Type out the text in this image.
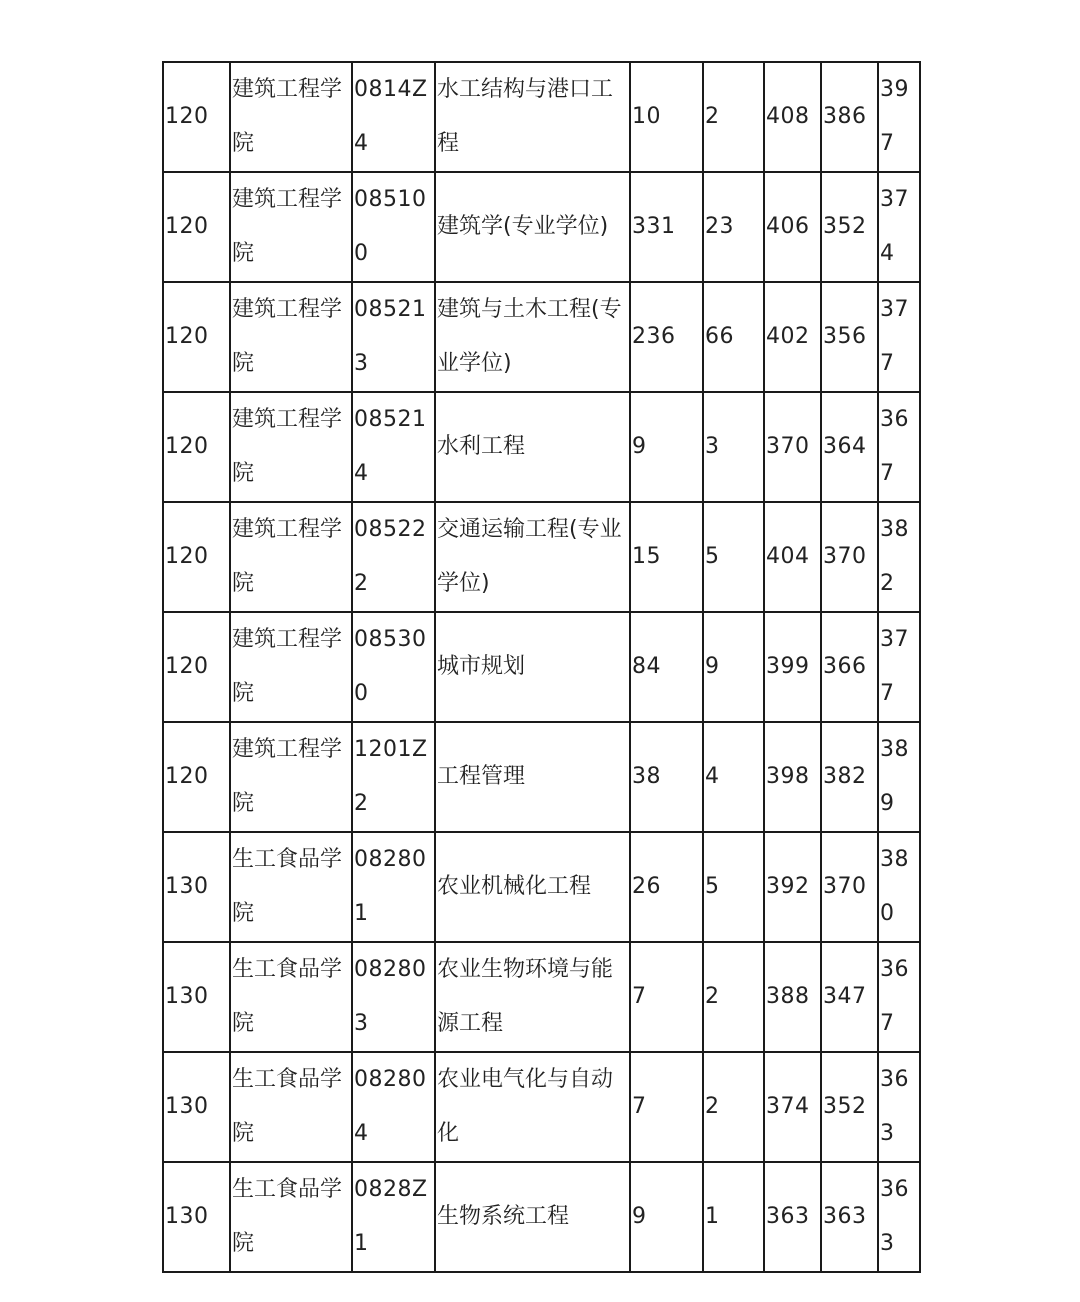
120	建筑工程学院	0814Z4	水工结构与港口工程	10	2	408	386	397
120	建筑工程学院	085100	建筑学(专业学位)	331	23	406	352	374
120	建筑工程学院	085213	建筑与土木工程(专业学位)	236	66	402	356	377
120	建筑工程学院	085214	水利工程	9	3	370	364	367
120	建筑工程学院	085222	交通运输工程(专业学位)	15	5	404	370	382
120	建筑工程学院	085300	城市规划	84	9	399	366	377
120	建筑工程学院	1201Z2	工程管理	38	4	398	382	389
130	生工食品学院	082801	农业机械化工程	26	5	392	370	380
130	生工食品学院	082803	农业生物环境与能源工程	7	2	388	347	367
130	生工食品学院	082804	农业电气化与自动化	7	2	374	352	363
130	生工食品学院	0828Z1	生物系统工程	9	1	363	363	363
